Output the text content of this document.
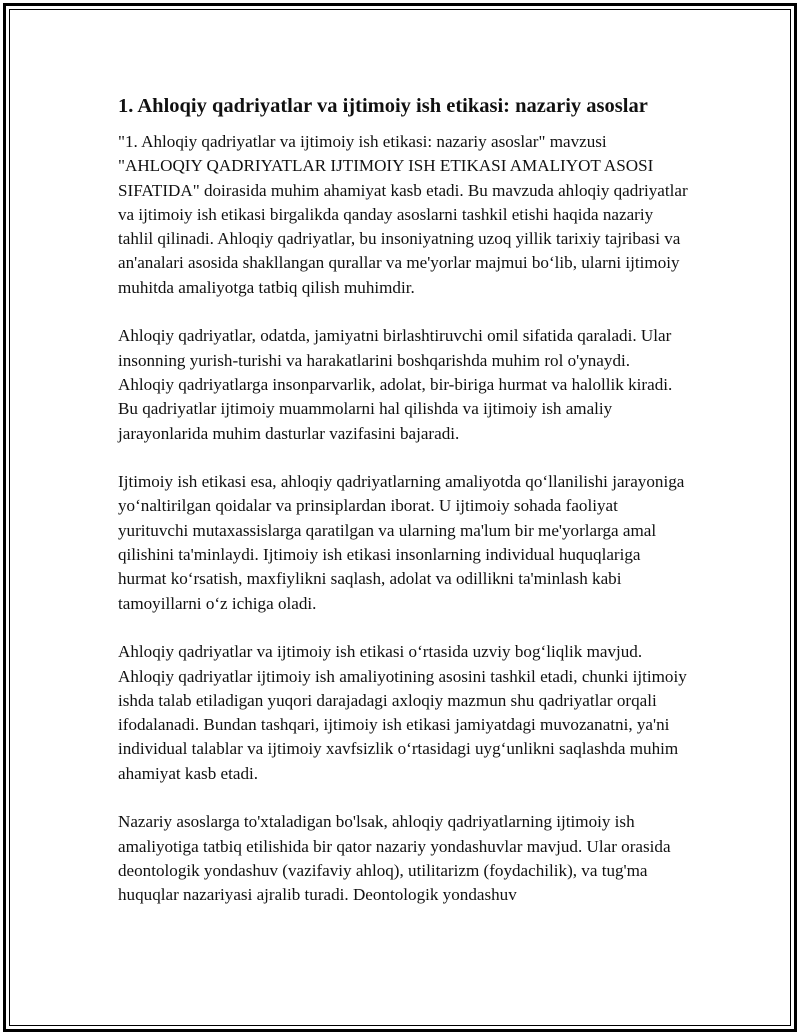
1. Ahloqiy qadriyatlar va ijtimoiy ish etikasi: nazariy asoslar

"1. Ahloqiy qadriyatlar va ijtimoiy ish etikasi: nazariy asoslar" mavzusi "AHLOQIY QADRIYATLAR IJTIMOIY ISH ETIKASI AMALIYOT ASOSI SIFATIDA" doirasida muhim ahamiyat kasb etadi. Bu mavzuda ahloqiy qadriyatlar va ijtimoiy ish etikasi birgalikda qanday asoslarni tashkil etishi haqida nazariy tahlil qilinadi. Ahloqiy qadriyatlar, bu insoniyatning uzoq yillik tarixiy tajribasi va an'analari asosida shakllangan qurallar va me'yorlar majmui bo‘lib, ularni ijtimoiy muhitda amaliyotga tatbiq qilish muhimdir.

Ahloqiy qadriyatlar, odatda, jamiyatni birlashtiruvchi omil sifatida qaraladi. Ular insonning yurish-turishi va harakatlarini boshqarishda muhim rol o'ynaydi. Ahloqiy qadriyatlarga insonparvarlik, adolat, bir-biriga hurmat va halollik kiradi. Bu qadriyatlar ijtimoiy muammolarni hal qilishda va ijtimoiy ish amaliy jarayonlarida muhim dasturlar vazifasini bajaradi.

Ijtimoiy ish etikasi esa, ahloqiy qadriyatlarning amaliyotda qo‘llanilishi jarayoniga yo‘naltirilgan qoidalar va prinsiplardan iborat. U ijtimoiy sohada faoliyat yurituvchi mutaxassislarga qaratilgan va ularning ma'lum bir me'yorlarga amal qilishini ta'minlaydi. Ijtimoiy ish etikasi insonlarning individual huquqlariga hurmat ko‘rsatish, maxfiylikni saqlash, adolat va odillikni ta'minlash kabi tamoyillarni o‘z ichiga oladi.

Ahloqiy qadriyatlar va ijtimoiy ish etikasi o‘rtasida uzviy bog‘liqlik mavjud. Ahloqiy qadriyatlar ijtimoiy ish amaliyotining asosini tashkil etadi, chunki ijtimoiy ishda talab etiladigan yuqori darajadagi axloqiy mazmun shu qadriyatlar orqali ifodalanadi. Bundan tashqari, ijtimoiy ish etikasi jamiyatdagi muvozanatni, ya'ni individual talablar va ijtimoiy xavfsizlik o‘rtasidagi uyg‘unlikni saqlashda muhim ahamiyat kasb etadi.

Nazariy asoslarga to'xtaladigan bo'lsak, ahloqiy qadriyatlarning ijtimoiy ish amaliyotiga tatbiq etilishida bir qator nazariy yondashuvlar mavjud. Ular orasida deontologik yondashuv (vazifaviy ahloq), utilitarizm (foydachilik), va tug'ma huquqlar nazariyasi ajralib turadi. Deontologik yondashuv
